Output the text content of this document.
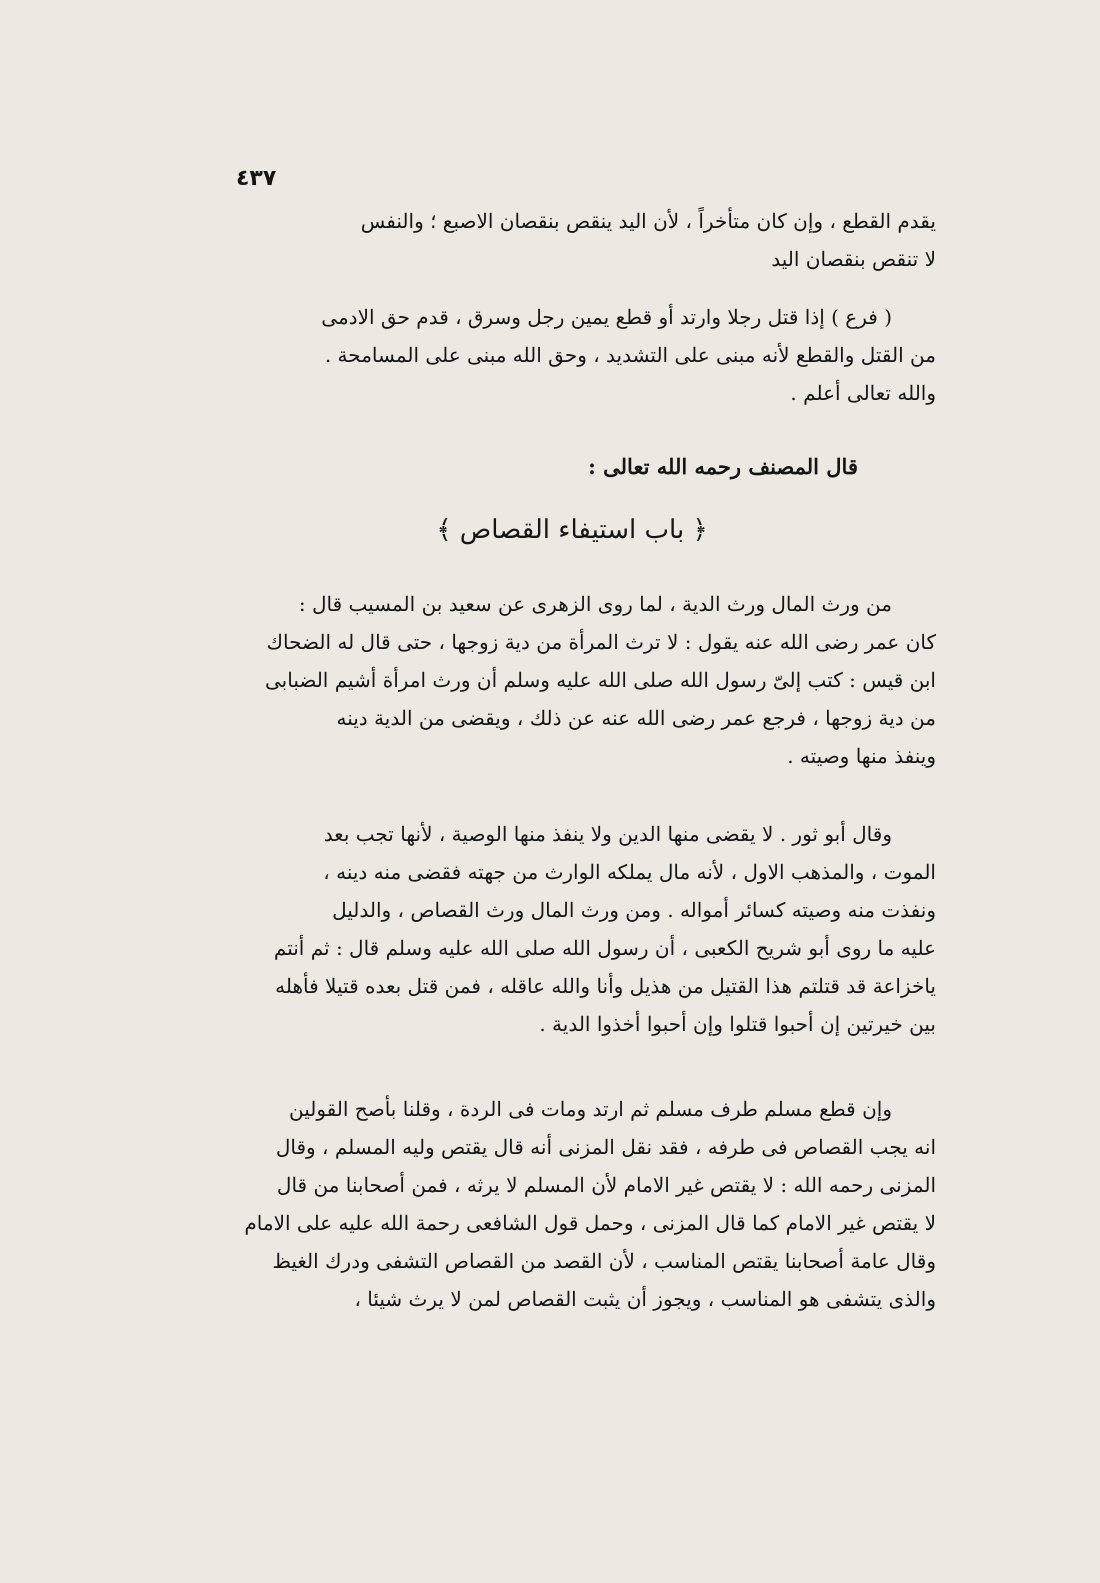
٤٣٧
يقدم القطع ، وإن كان متأخراً ، لأن اليد ينقص بنقصان الاصبع ؛ والنفس
لا تنقص بنقصان اليد
( فرع ) إذا قتل رجلا وارتد أو قطع يمين رجل وسرق ، قدم حق الادمى
من القتل والقطع لأنه مبنى على التشديد ، وحق الله مبنى على المسامحة .
والله تعالى أعلم .
قال المصنف رحمه الله تعالى :
﴿ باب استيفاء القصاص ﴾
من ورث المال ورث الدية ، لما روى الزهرى عن سعيد بن المسيب قال :
كان عمر رضى الله عنه يقول : لا ترث المرأة من دية زوجها ، حتى قال له الضحاك
ابن قيس : كتب إلىّ رسول الله صلى الله عليه وسلم أن ورث امرأة أشيم الضبابى
من دية زوجها ، فرجع عمر رضى الله عنه عن ذلك ، ويقضى من الدية دينه
وينفذ منها وصيته .
وقال أبو ثور . لا يقضى منها الدين ولا ينفذ منها الوصية ، لأنها تجب بعد
الموت ، والمذهب الاول ، لأنه مال يملكه الوارث من جهته فقضى منه دينه ،
ونفذت منه وصيته كسائر أمواله . ومن ورث المال ورث القصاص ، والدليل
عليه ما روى أبو شريح الكعبى ، أن رسول الله صلى الله عليه وسلم قال : ثم أنتم
ياخزاعة قد قتلتم هذا القتيل من هذيل وأنا والله عاقله ، فمن قتل بعده قتيلا فأهله
بين خيرتين إن أحبوا قتلوا وإن أحبوا أخذوا الدية .
وإن قطع مسلم طرف مسلم ثم ارتد ومات فى الردة ، وقلنا بأصح القولين
انه يجب القصاص فى طرفه ، فقد نقل المزنى أنه قال يقتص وليه المسلم ، وقال
المزنى رحمه الله : لا يقتص غير الامام لأن المسلم لا يرثه ، فمن أصحابنا من قال
لا يقتص غير الامام كما قال المزنى ، وحمل قول الشافعى رحمة الله عليه على الامام
وقال عامة أصحابنا يقتص المناسب ، لأن القصد من القصاص التشفى ودرك الغيظ
والذى يتشفى هو المناسب ، ويجوز أن يثبت القصاص لمن لا يرث شيئا ،
